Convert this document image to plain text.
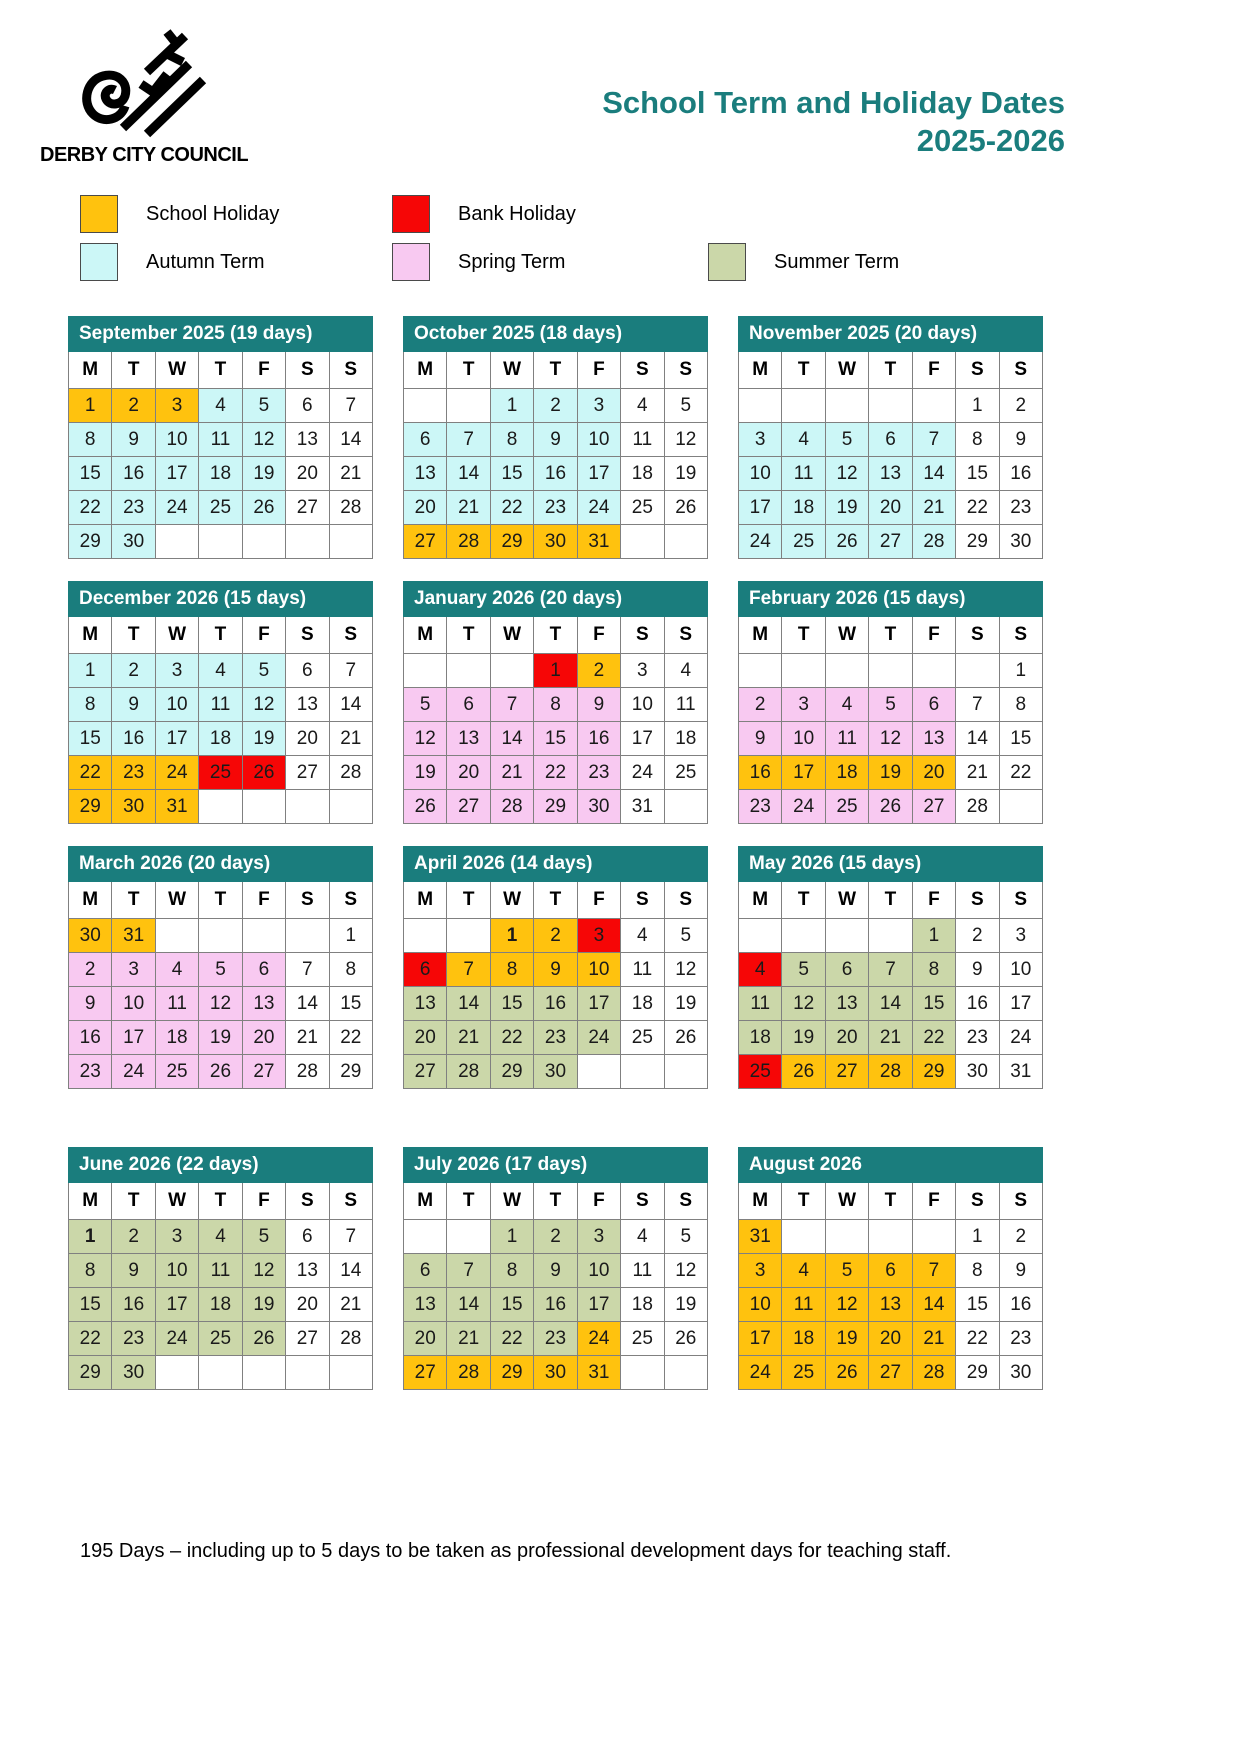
DERBY CITY COUNCIL
School Term and Holiday Dates
2025-2026
School Holiday	Bank Holiday
Autumn Term	Spring Term	Summer Term
September 2025 (19 days)						
M	T	W	T	F	S	S
1	2	3	4	5	6	7
8	9	10	11	12	13	14
15	16	17	18	19	20	21
22	23	24	25	26	27	28
29	30					
October 2025 (18 days)						
M	T	W	T	F	S	S
		1	2	3	4	5
6	7	8	9	10	11	12
13	14	15	16	17	18	19
20	21	22	23	24	25	26
27	28	29	30	31		
November 2025 (20 days)						
M	T	W	T	F	S	S
					1	2
3	4	5	6	7	8	9
10	11	12	13	14	15	16
17	18	19	20	21	22	23
24	25	26	27	28	29	30
December 2026 (15 days)						
M	T	W	T	F	S	S
1	2	3	4	5	6	7
8	9	10	11	12	13	14
15	16	17	18	19	20	21
22	23	24	25	26	27	28
29	30	31				
January 2026 (20 days)						
M	T	W	T	F	S	S
			1	2	3	4
5	6	7	8	9	10	11
12	13	14	15	16	17	18
19	20	21	22	23	24	25
26	27	28	29	30	31	
February 2026 (15 days)						
M	T	W	T	F	S	S
						1
2	3	4	5	6	7	8
9	10	11	12	13	14	15
16	17	18	19	20	21	22
23	24	25	26	27	28	
March 2026 (20 days)						
M	T	W	T	F	S	S
30	31					1
2	3	4	5	6	7	8
9	10	11	12	13	14	15
16	17	18	19	20	21	22
23	24	25	26	27	28	29
April 2026 (14 days)						
M	T	W	T	F	S	S
		1	2	3	4	5
6	7	8	9	10	11	12
13	14	15	16	17	18	19
20	21	22	23	24	25	26
27	28	29	30			
May 2026 (15 days)						
M	T	W	T	F	S	S
				1	2	3
4	5	6	7	8	9	10
11	12	13	14	15	16	17
18	19	20	21	22	23	24
25	26	27	28	29	30	31
June 2026 (22 days)						
M	T	W	T	F	S	S
1	2	3	4	5	6	7
8	9	10	11	12	13	14
15	16	17	18	19	20	21
22	23	24	25	26	27	28
29	30					
July 2026 (17 days)						
M	T	W	T	F	S	S
		1	2	3	4	5
6	7	8	9	10	11	12
13	14	15	16	17	18	19
20	21	22	23	24	25	26
27	28	29	30	31		
August 2026						
M	T	W	T	F	S	S
31					1	2
3	4	5	6	7	8	9
10	11	12	13	14	15	16
17	18	19	20	21	22	23
24	25	26	27	28	29	30
195 Days – including up to 5 days to be taken as professional development days for teaching staff.
